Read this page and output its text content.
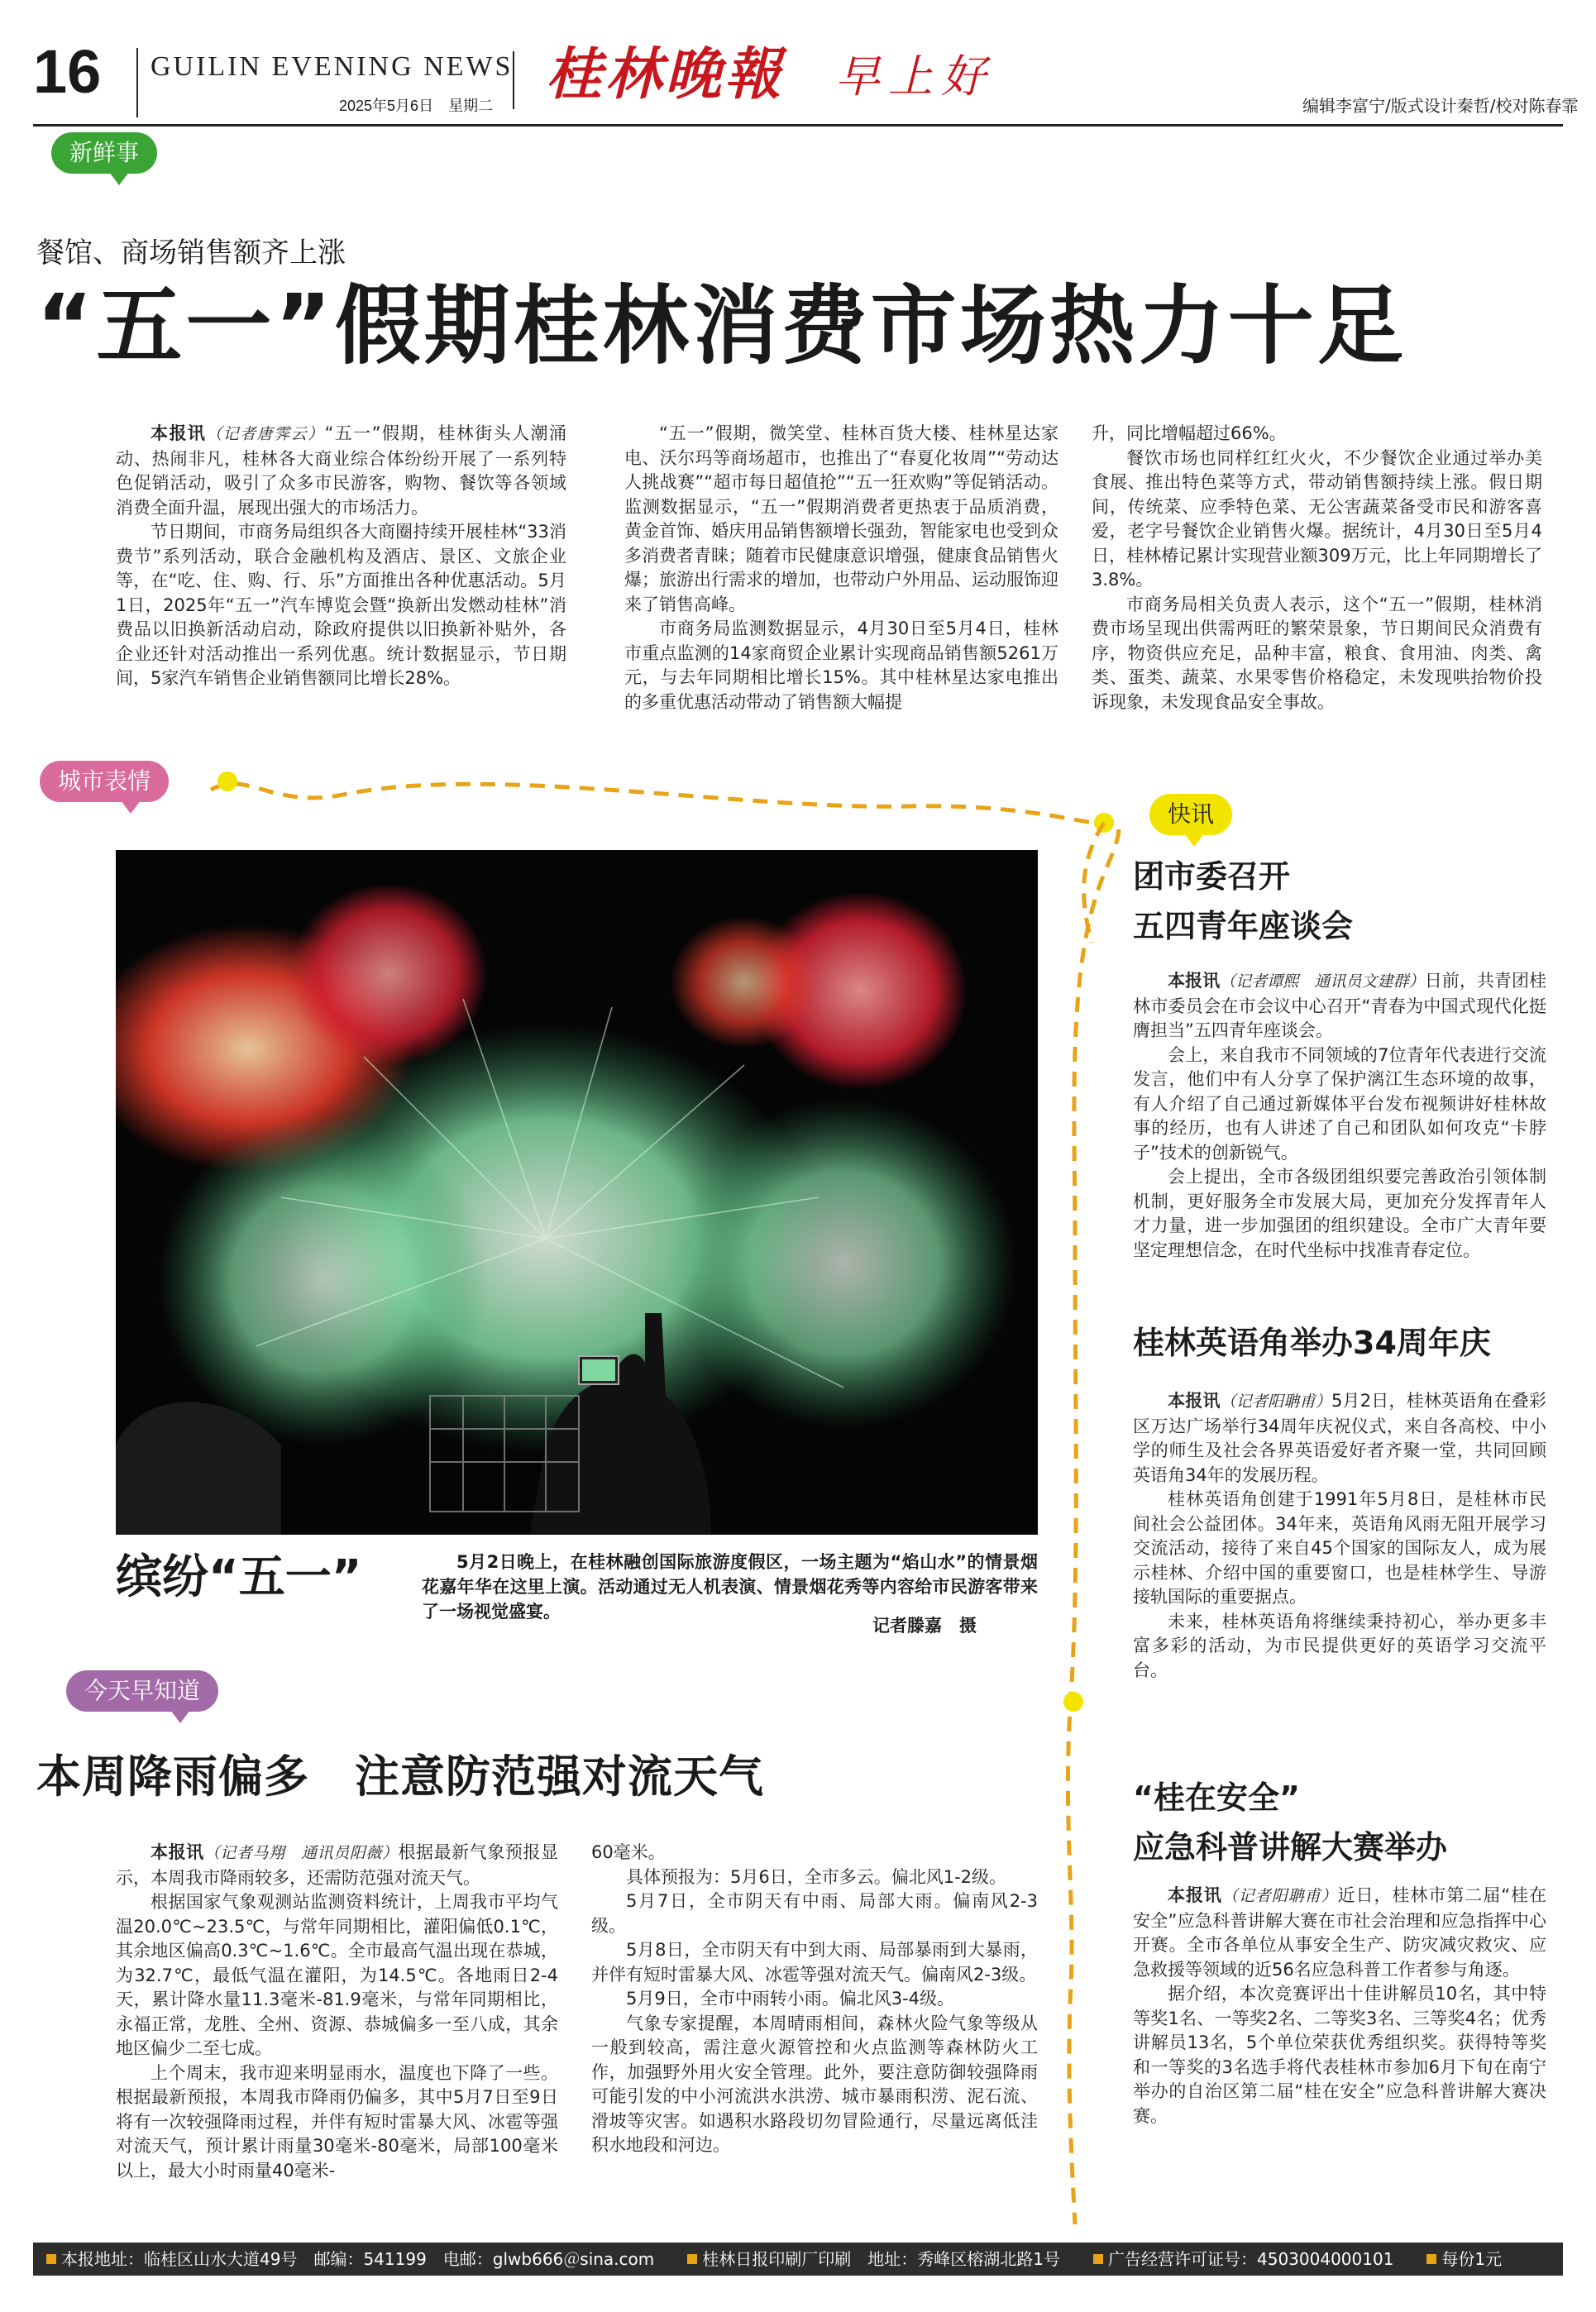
16 GUILIN EVENING NEWS
2025年5月6日　星期二 桂林晚報 早上好
编辑李富宁/版式设计秦哲/校对陈春霏
新鲜事
餐馆、商场销售额齐上涨
“五一”假期桂林消费市场热力十足

本报讯（记者唐霁云）“五一”假期，桂林街头人潮涌动、热闹非凡，桂林各大商业综合体纷纷开展了一系列特色促销活动，吸引了众多市民游客，购物、餐饮等各领域消费全面升温，展现出强大的市场活力。

节日期间，市商务局组织各大商圈持续开展桂林“33消费节”系列活动，联合金融机构及酒店、景区、文旅企业等，在“吃、住、购、行、乐”方面推出各种优惠活动。5月1日，2025年“五一”汽车博览会暨“换新出发燃动桂林”消费品以旧换新活动启动，除政府提供以旧换新补贴外，各企业还针对活动推出一系列优惠。统计数据显示，节日期间，5家汽车销售企业销售额同比增长28%。

“五一”假期，微笑堂、桂林百货大楼、桂林星达家电、沃尔玛等商场超市，也推出了“春夏化妆周”“劳动达人挑战赛”“超市每日超值抢”“五一狂欢购”等促销活动。监测数据显示，“五一”假期消费者更热衷于品质消费，黄金首饰、婚庆用品销售额增长强劲，智能家电也受到众多消费者青睐；随着市民健康意识增强，健康食品销售火爆；旅游出行需求的增加，也带动户外用品、运动服饰迎来了销售高峰。

市商务局监测数据显示，4月30日至5月4日，桂林市重点监测的14家商贸企业累计实现商品销售额5261万元，与去年同期相比增长15%。其中桂林星达家电推出的多重优惠活动带动了销售额大幅提

升，同比增幅超过66%。

餐饮市场也同样红红火火，不少餐饮企业通过举办美食展、推出特色菜等方式，带动销售额持续上涨。假日期间，传统菜、应季特色菜、无公害蔬菜备受市民和游客喜爱，老字号餐饮企业销售火爆。据统计，4月30日至5月4日，桂林椿记累计实现营业额309万元，比上年同期增长了3.8%。

市商务局相关负责人表示，这个“五一”假期，桂林消费市场呈现出供需两旺的繁荣景象，节日期间民众消费有序，物资供应充足，品种丰富，粮食、食用油、肉类、禽类、蛋类、蔬菜、水果零售价格稳定，未发现哄抬物价投诉现象，未发现食品安全事故。

城市表情
缤纷“五一”	5月2日晚上，在桂林融创国际旅游度假区，一场主题为“焰山水”的情景烟花嘉年华在这里上演。活动通过无人机表演、情景烟花秀等内容给市民游客带来了一场视觉盛宴。
记者滕嘉　摄
今天早知道
本周降雨偏多　注意防范强对流天气

本报讯（记者马翔　通讯员阳薇）根据最新气象预报显示，本周我市降雨较多，还需防范强对流天气。

根据国家气象观测站监测资料统计，上周我市平均气温20.0℃~23.5℃，与常年同期相比，灌阳偏低0.1℃，其余地区偏高0.3℃~1.6℃。全市最高气温出现在恭城，为32.7℃，最低气温在灌阳，为14.5℃。各地雨日2-4天，累计降水量11.3毫米-81.9毫米，与常年同期相比，永福正常，龙胜、全州、资源、恭城偏多一至八成，其余地区偏少二至七成。

上个周末，我市迎来明显雨水，温度也下降了一些。根据最新预报，本周我市降雨仍偏多，其中5月7日至9日将有一次较强降雨过程，并伴有短时雷暴大风、冰雹等强对流天气，预计累计雨量30毫米-80毫米，局部100毫米以上，最大小时雨量40毫米-

60毫米。

具体预报为：5月6日，全市多云。偏北风1-2级。

5月7日，全市阴天有中雨、局部大雨。偏南风2-3级。

5月8日，全市阴天有中到大雨、局部暴雨到大暴雨，并伴有短时雷暴大风、冰雹等强对流天气。偏南风2-3级。

5月9日，全市中雨转小雨。偏北风3-4级。

气象专家提醒，本周晴雨相间，森林火险气象等级从一般到较高，需注意火源管控和火点监测等森林防火工作，加强野外用火安全管理。此外，要注意防御较强降雨可能引发的中小河流洪水洪涝、城市暴雨积涝、泥石流、滑坡等灾害。如遇积水路段切勿冒险通行，尽量远离低洼积水地段和河边。

快讯
团市委召开
五四青年座谈会

本报讯（记者谭熙　通讯员文建群）日前，共青团桂林市委员会在市会议中心召开“青春为中国式现代化挺膺担当”五四青年座谈会。

会上，来自我市不同领域的7位青年代表进行交流发言，他们中有人分享了保护漓江生态环境的故事，有人介绍了自己通过新媒体平台发布视频讲好桂林故事的经历，也有人讲述了自己和团队如何攻克“卡脖子”技术的创新锐气。

会上提出，全市各级团组织要完善政治引领体制机制，更好服务全市发展大局，更加充分发挥青年人才力量，进一步加强团的组织建设。全市广大青年要坚定理想信念，在时代坐标中找准青春定位。

桂林英语角举办34周年庆

本报讯（记者阳聃甫）5月2日，桂林英语角在叠彩区万达广场举行34周年庆祝仪式，来自各高校、中小学的师生及社会各界英语爱好者齐聚一堂，共同回顾英语角34年的发展历程。

桂林英语角创建于1991年5月8日，是桂林市民间社会公益团体。34年来，英语角风雨无阻开展学习交流活动，接待了来自45个国家的国际友人，成为展示桂林、介绍中国的重要窗口，也是桂林学生、导游接轨国际的重要据点。

未来，桂林英语角将继续秉持初心，举办更多丰富多彩的活动，为市民提供更好的英语学习交流平台。

“桂在安全”
应急科普讲解大赛举办

本报讯（记者阳聃甫）近日，桂林市第二届“桂在安全”应急科普讲解大赛在市社会治理和应急指挥中心开赛。全市各单位从事安全生产、防灾减灾救灾、应急救援等领域的近56名应急科普工作者参与角逐。

据介绍，本次竞赛评出十佳讲解员10名，其中特等奖1名、一等奖2名、二等奖3名、三等奖4名；优秀讲解员13名，5个单位荣获优秀组织奖。获得特等奖和一等奖的3名选手将代表桂林市参加6月下旬在南宁举办的自治区第二届“桂在安全”应急科普讲解大赛决赛。

本报地址：临桂区山水大道49号　邮编：541199　电邮：glwb666＠sina.com	桂林日报印刷厂印刷　地址：秀峰区榕湖北路1号	广告经营许可证号：4503004000101	每份1元
